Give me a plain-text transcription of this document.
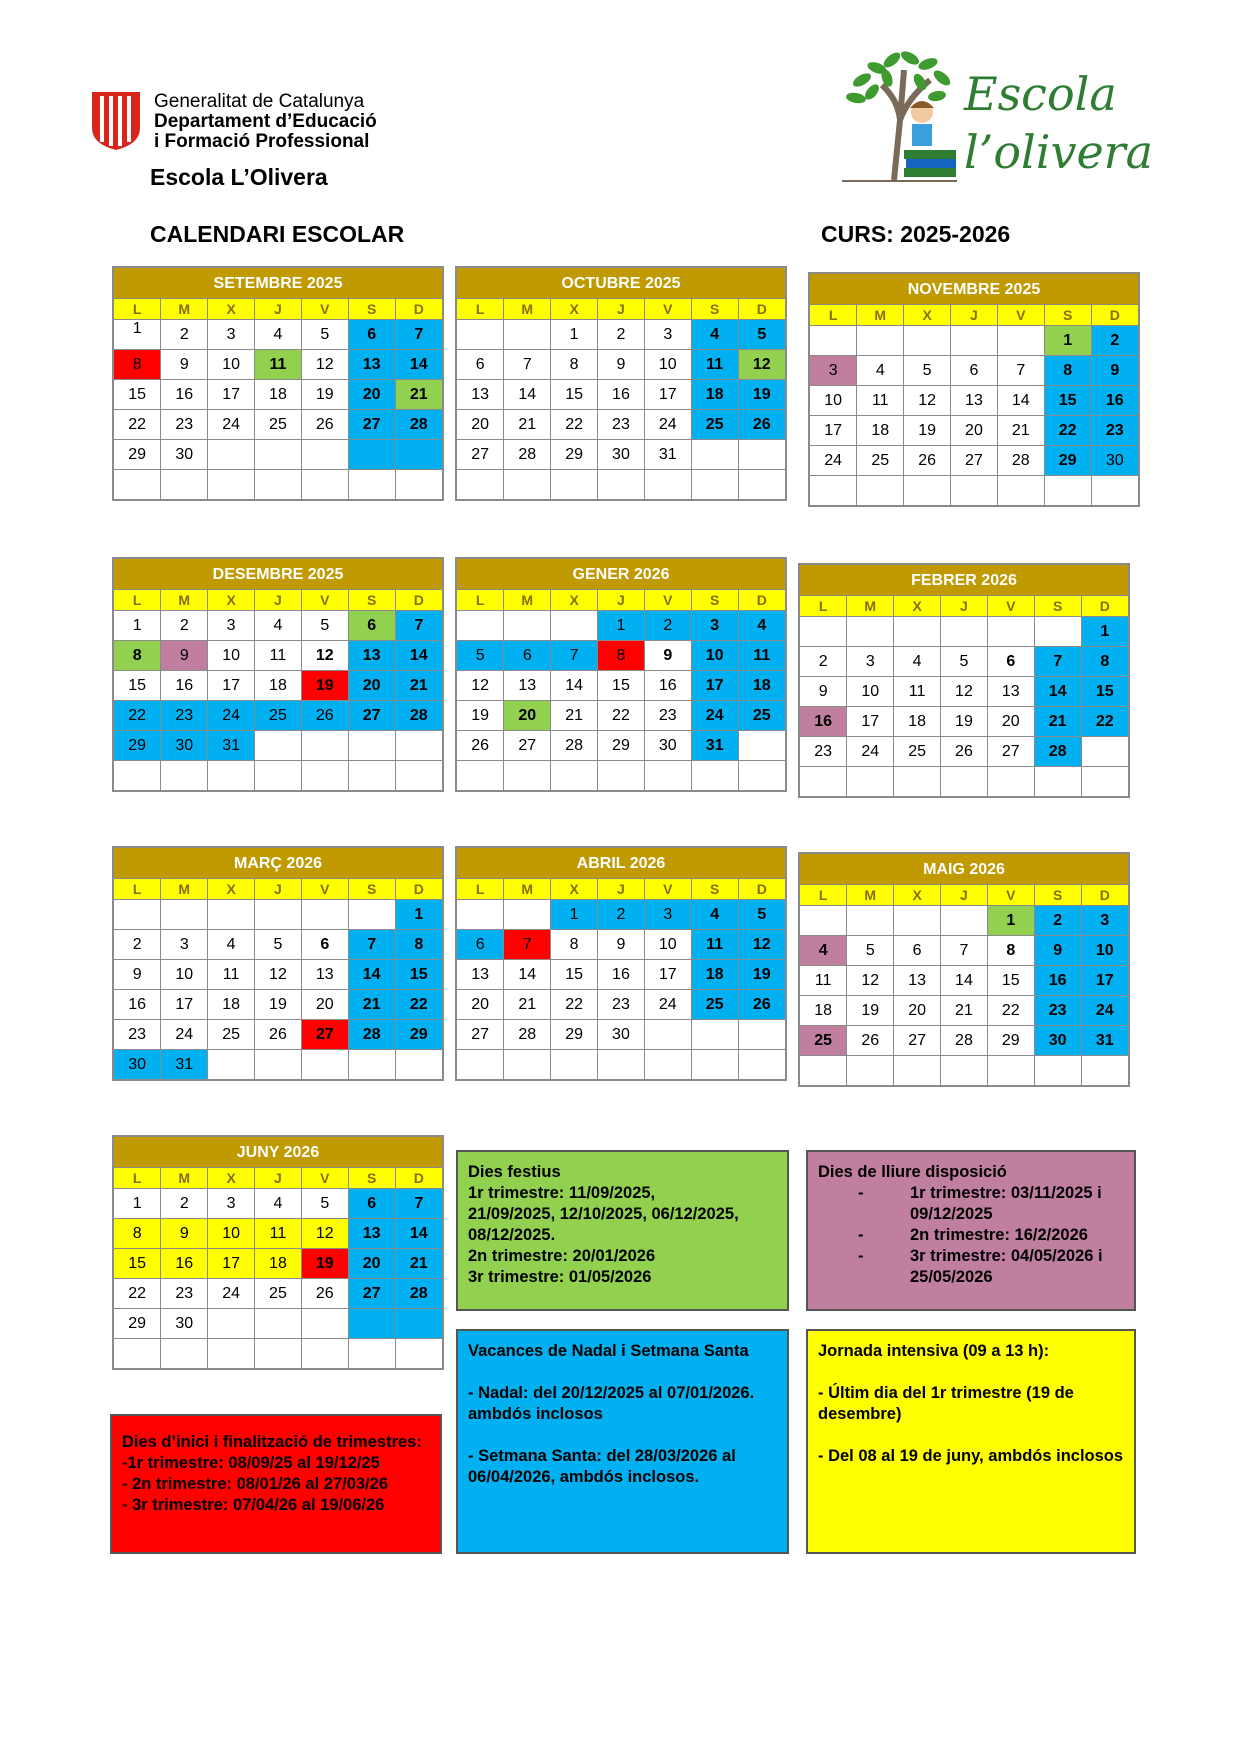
Generalitat de Catalunya
Departament d’Educació
i Formació Professional
Escola L’Olivera
Escola
l’olivera
CALENDARI ESCOLAR	CURS: 2025-2026
SETEMBRE 2025
L	M	X	J	V	S	D
1	2	3	4	5	6	7
8	9	10	11	12	13	14
15	16	17	18	19	20	21
22	23	24	25	26	27	28
29	30					

OCTUBRE 2025
L	M	X	J	V	S	D
		1	2	3	4	5
6	7	8	9	10	11	12
13	14	15	16	17	18	19
20	21	22	23	24	25	26
27	28	29	30	31		

NOVEMBRE 2025
L	M	X	J	V	S	D
					1	2
3	4	5	6	7	8	9
10	11	12	13	14	15	16
17	18	19	20	21	22	23
24	25	26	27	28	29	30

DESEMBRE 2025
L	M	X	J	V	S	D
1	2	3	4	5	6	7
8	9	10	11	12	13	14
15	16	17	18	19	20	21
22	23	24	25	26	27	28
29	30	31				

GENER 2026
L	M	X	J	V	S	D
			1	2	3	4
5	6	7	8	9	10	11
12	13	14	15	16	17	18
19	20	21	22	23	24	25
26	27	28	29	30	31	

FEBRER 2026
L	M	X	J	V	S	D
						1
2	3	4	5	6	7	8
9	10	11	12	13	14	15
16	17	18	19	20	21	22
23	24	25	26	27	28	

MARÇ 2026
L	M	X	J	V	S	D
						1
2	3	4	5	6	7	8
9	10	11	12	13	14	15
16	17	18	19	20	21	22
23	24	25	26	27	28	29
30	31					
ABRIL 2026
L	M	X	J	V	S	D
		1	2	3	4	5
6	7	8	9	10	11	12
13	14	15	16	17	18	19
20	21	22	23	24	25	26
27	28	29	30			

MAIG 2026
L	M	X	J	V	S	D
				1	2	3
4	5	6	7	8	9	10
11	12	13	14	15	16	17
18	19	20	21	22	23	24
25	26	27	28	29	30	31

JUNY 2026
L	M	X	J	V	S	D
1	2	3	4	5	6	7
8	9	10	11	12	13	14
15	16	17	18	19	20	21
22	23	24	25	26	27	28
29	30					

Dies festius
1r trimestre: 11/09/2025,
21/09/2025, 12/10/2025, 06/12/2025,
08/12/2025.
2n trimestre: 20/01/2026
3r trimestre: 01/05/2026
Dies de lliure disposició
-	1r trimestre: 03/11/2025 i 09/12/2025
-	2n trimestre: 16/2/2026
-	3r trimestre: 04/05/2026 i 25/05/2026
Dies d’inici i finalització de trimestres:
-1r trimestre: 08/09/25 al 19/12/25
- 2n trimestre: 08/01/26 al 27/03/26
- 3r trimestre: 07/04/26 al 19/06/26
Vacances de Nadal i Setmana Santa
- Nadal: del 20/12/2025 al 07/01/2026. ambdós inclosos
- Setmana Santa: del 28/03/2026 al 06/04/2026, ambdós inclosos.
Jornada intensiva (09 a 13 h):
- Últim dia del 1r trimestre (19 de desembre)
- Del 08 al 19 de juny, ambdós inclosos
